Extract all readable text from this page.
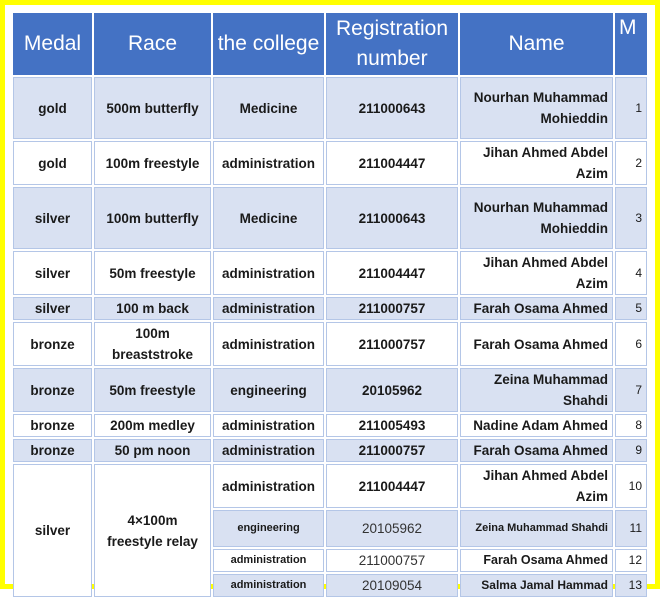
Medal	Race	the college	Registration number	Name	M
gold	500m butterfly	Medicine	211000643	Nourhan Muhammad Mohieddin	1
gold	100m freestyle	administration	211004447	Jihan Ahmed Abdel Azim	2
silver	100m butterfly	Medicine	211000643	Nourhan Muhammad Mohieddin	3
silver	50m freestyle	administration	211004447	Jihan Ahmed Abdel Azim	4
silver	100 m back	administration	211000757	Farah Osama Ahmed	5
bronze	100m breaststroke	administration	211000757	Farah Osama Ahmed	6
bronze	50m freestyle	engineering	20105962	Zeina Muhammad Shahdi	7
bronze	200m medley	administration	211005493	Nadine Adam Ahmed	8
bronze	50 pm noon	administration	211000757	Farah Osama Ahmed	9
silver	4×100m freestyle relay	administration	211004447	Jihan Ahmed Abdel Azim	10
		engineering	20105962	Zeina Muhammad Shahdi	11
		administration	211000757	Farah Osama Ahmed	12
		administration	20109054	Salma Jamal Hammad	13
